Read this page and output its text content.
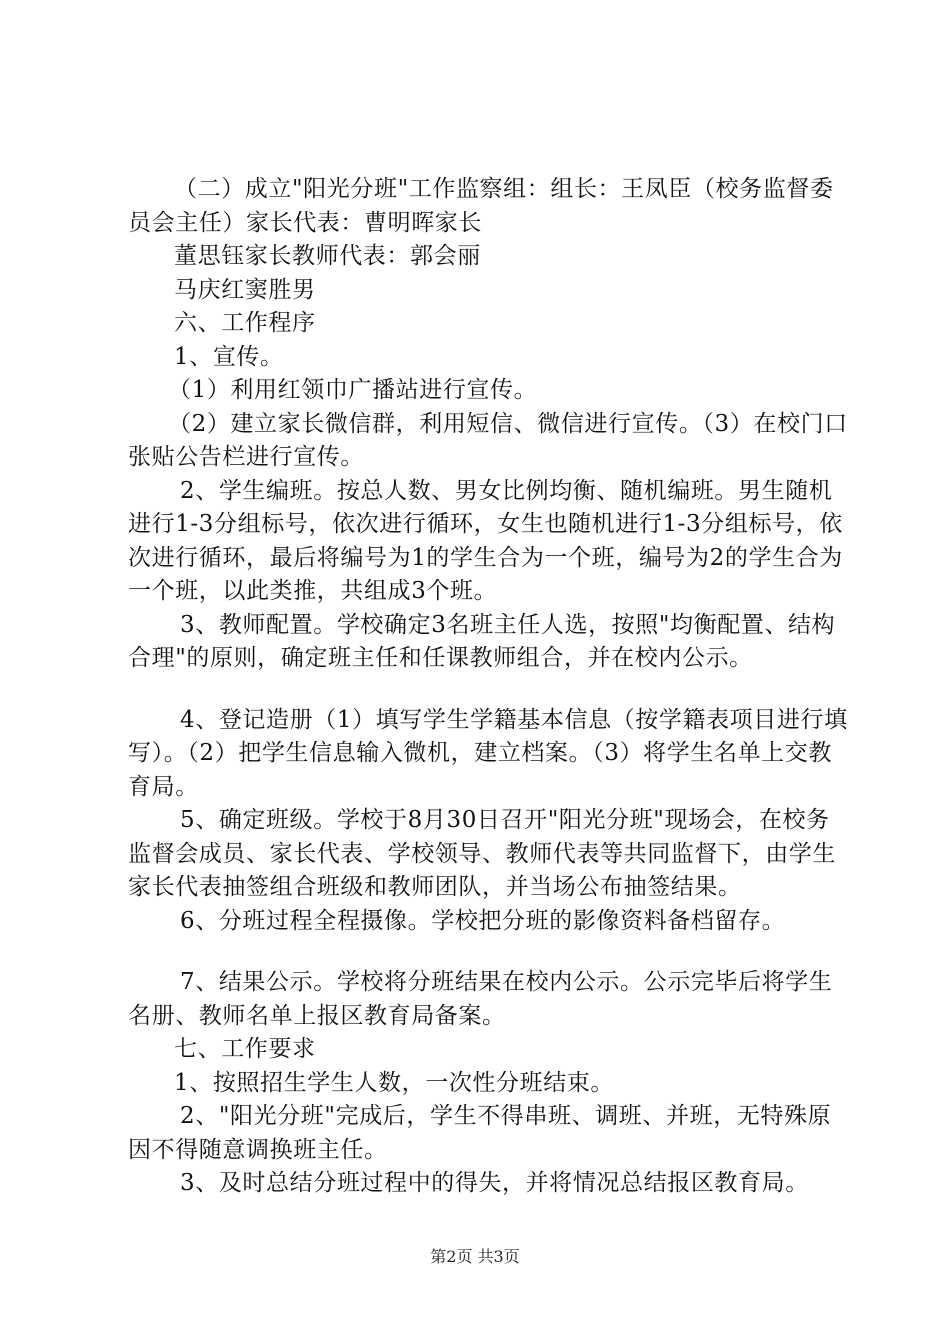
（二）成立"阳光分班"工作监察组：组长：王凤臣（校务监督委员会主任）家长代表：曹明晖家长

董思钰家长教师代表：郭会丽

马庆红窦胜男

六、工作程序

1、宣传。

（1）利用红领巾广播站进行宣传。

（2）建立家长微信群，利用短信、微信进行宣传。（3）在校门口张贴公告栏进行宣传。

2、学生编班。按总人数、男女比例均衡、随机编班。男生随机进行1-3分组标号，依次进行循环，女生也随机进行1-3分组标号，依次进行循环，最后将编号为1的学生合为一个班，编号为2的学生合为一个班，以此类推，共组成3个班。

3、教师配置。学校确定3名班主任人选，按照"均衡配置、结构合理"的原则，确定班主任和任课教师组合，并在校内公示。

4、登记造册（1）填写学生学籍基本信息（按学籍表项目进行填写）。（2）把学生信息输入微机，建立档案。（3）将学生名单上交教育局。

5、确定班级。学校于8月30日召开"阳光分班"现场会，在校务监督会成员、家长代表、学校领导、教师代表等共同监督下，由学生家长代表抽签组合班级和教师团队，并当场公布抽签结果。

6、分班过程全程摄像。学校把分班的影像资料备档留存。

7、结果公示。学校将分班结果在校内公示。公示完毕后将学生名册、教师名单上报区教育局备案。

七、工作要求

1、按照招生学生人数，一次性分班结束。

2、"阳光分班"完成后，学生不得串班、调班、并班，无特殊原因不得随意调换班主任。

3、及时总结分班过程中的得失，并将情况总结报区教育局。

第2页 共3页
